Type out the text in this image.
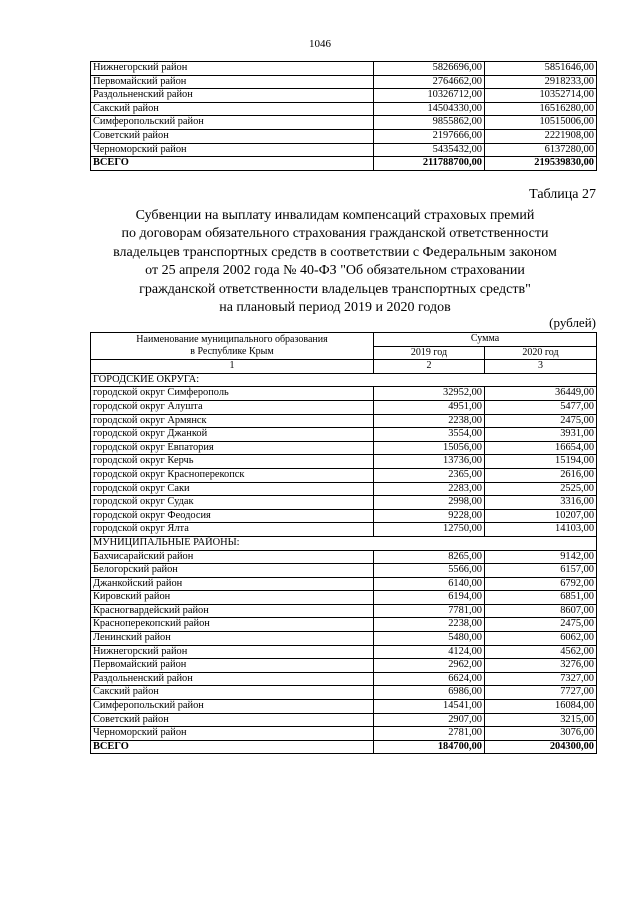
1046
Нижнегорский район	5826696,00	5851646,00
Первомайский район	2764662,00	2918233,00
Раздольненский район	10326712,00	10352714,00
Сакский район	14504330,00	16516280,00
Симферопольский район	9855862,00	10515006,00
Советский район	2197666,00	2221908,00
Черноморский район	5435432,00	6137280,00
ВСЕГО	211788700,00	219539830,00
Таблица 27
Субвенции на выплату инвалидам компенсаций страховых премий
по договорам обязательного страхования гражданской ответственности
владельцев транспортных средств в соответствии с Федеральным законом
от 25 апреля 2002 года № 40-ФЗ "Об обязательном страховании
гражданской ответственности владельцев транспортных средств"
на плановый период 2019 и 2020 годов
(рублей)
Наименование муниципального образования
в Республике Крым	Сумма	
	2019 год	2020 год
1	2	3
ГОРОДСКИЕ ОКРУГА:		
городской округ Симферополь	32952,00	36449,00
городской округ Алушта	4951,00	5477,00
городской округ Армянск	2238,00	2475,00
городской округ Джанкой	3554,00	3931,00
городской округ Евпатория	15056,00	16654,00
городской округ Керчь	13736,00	15194,00
городской округ Красноперекопск	2365,00	2616,00
городской округ Саки	2283,00	2525,00
городской округ Судак	2998,00	3316,00
городской округ Феодосия	9228,00	10207,00
городской округ Ялта	12750,00	14103,00
МУНИЦИПАЛЬНЫЕ РАЙОНЫ:		
Бахчисарайский район	8265,00	9142,00
Белогорский район	5566,00	6157,00
Джанкойский район	6140,00	6792,00
Кировский район	6194,00	6851,00
Красногвардейский район	7781,00	8607,00
Красноперекопский район	2238,00	2475,00
Ленинский район	5480,00	6062,00
Нижнегорский район	4124,00	4562,00
Первомайский район	2962,00	3276,00
Раздольненский район	6624,00	7327,00
Сакский район	6986,00	7727,00
Симферопольский район	14541,00	16084,00
Советский район	2907,00	3215,00
Черноморский район	2781,00	3076,00
ВСЕГО	184700,00	204300,00
